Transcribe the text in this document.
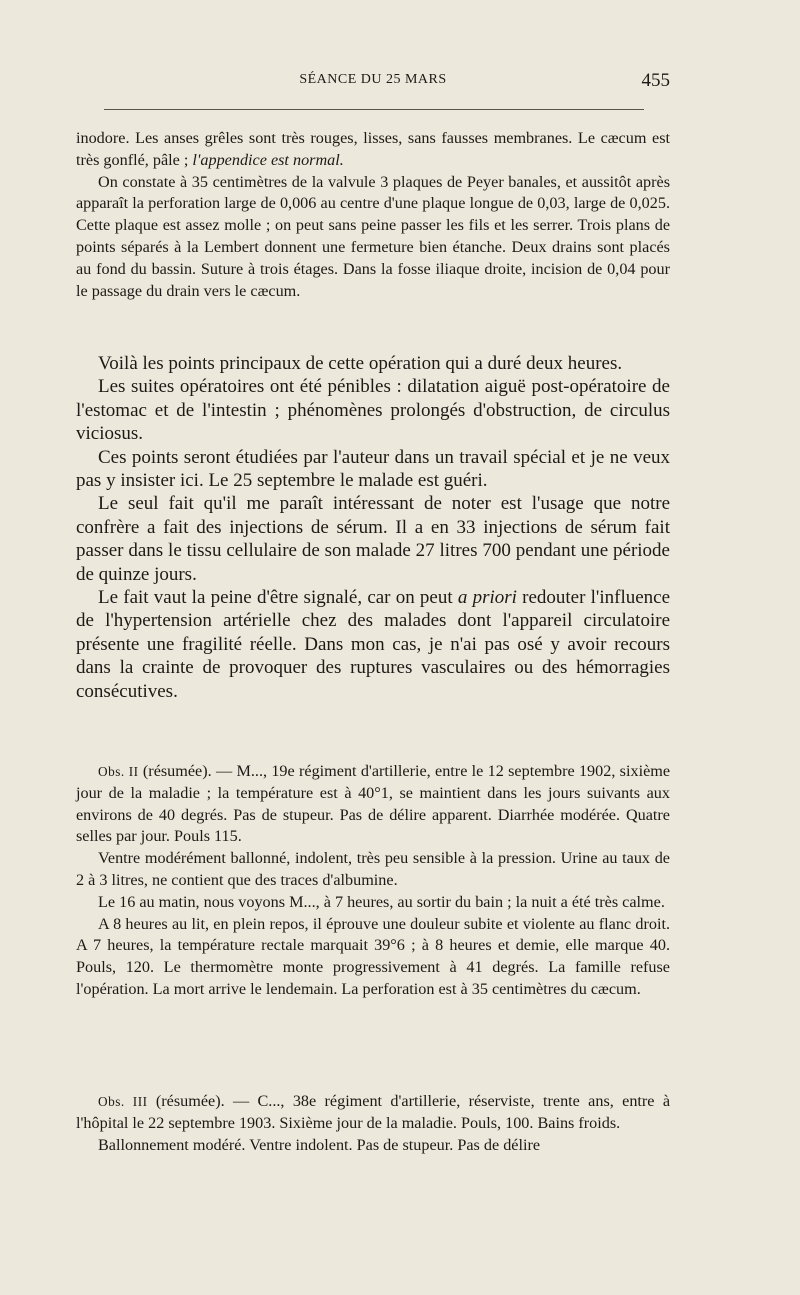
SÉANCE DU 25 MARS	455

inodore. Les anses grêles sont très rouges, lisses, sans fausses membranes. Le cæcum est très gonflé, pâle ; l'appendice est normal.

On constate à 35 centimètres de la valvule 3 plaques de Peyer banales, et aussitôt après apparaît la perforation large de 0,006 au centre d'une plaque longue de 0,03, large de 0,025. Cette plaque est assez molle ; on peut sans peine passer les fils et les serrer. Trois plans de points séparés à la Lembert donnent une fermeture bien étanche. Deux drains sont placés au fond du bassin. Suture à trois étages. Dans la fosse iliaque droite, incision de 0,04 pour le passage du drain vers le cæcum.

Voilà les points principaux de cette opération qui a duré deux heures.

Les suites opératoires ont été pénibles : dilatation aiguë post-opératoire de l'estomac et de l'intestin ; phénomènes prolongés d'obstruction, de circulus viciosus.

Ces points seront étudiées par l'auteur dans un travail spécial et je ne veux pas y insister ici. Le 25 septembre le malade est guéri.

Le seul fait qu'il me paraît intéressant de noter est l'usage que notre confrère a fait des injections de sérum. Il a en 33 injections de sérum fait passer dans le tissu cellulaire de son malade 27 litres 700 pendant une période de quinze jours.

Le fait vaut la peine d'être signalé, car on peut a priori redouter l'influence de l'hypertension artérielle chez des malades dont l'appareil circulatoire présente une fragilité réelle. Dans mon cas, je n'ai pas osé y avoir recours dans la crainte de provoquer des ruptures vasculaires ou des hémorragies consécutives.

Obs. II (résumée). — M..., 19e régiment d'artillerie, entre le 12 septembre 1902, sixième jour de la maladie ; la température est à 40°1, se maintient dans les jours suivants aux environs de 40 degrés. Pas de stupeur. Pas de délire apparent. Diarrhée modérée. Quatre selles par jour. Pouls 115.

Ventre modérément ballonné, indolent, très peu sensible à la pression. Urine au taux de 2 à 3 litres, ne contient que des traces d'albumine.

Le 16 au matin, nous voyons M..., à 7 heures, au sortir du bain ; la nuit a été très calme.

A 8 heures au lit, en plein repos, il éprouve une douleur subite et violente au flanc droit. A 7 heures, la température rectale marquait 39°6 ; à 8 heures et demie, elle marque 40. Pouls, 120. Le thermomètre monte progressivement à 41 degrés. La famille refuse l'opération. La mort arrive le lendemain. La perforation est à 35 centimètres du cæcum.

Obs. III (résumée). — C..., 38e régiment d'artillerie, réserviste, trente ans, entre à l'hôpital le 22 septembre 1903. Sixième jour de la maladie. Pouls, 100. Bains froids.

Ballonnement modéré. Ventre indolent. Pas de stupeur. Pas de délire
